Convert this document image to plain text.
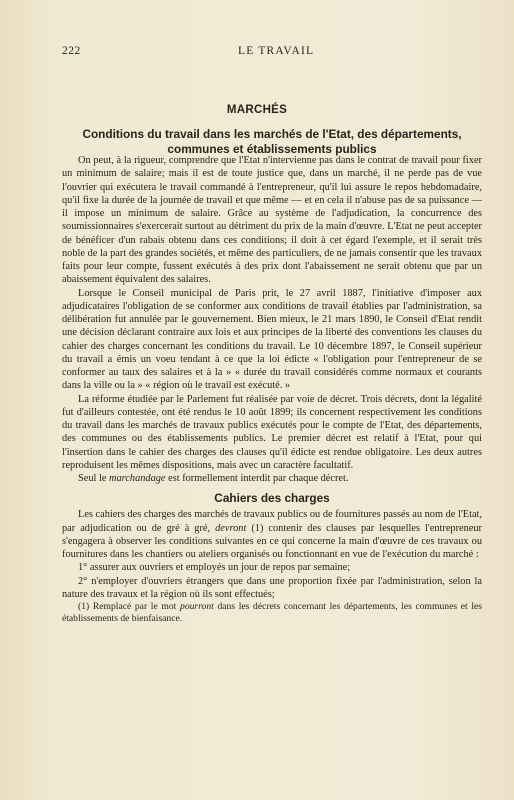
222	LE TRAVAIL
MARCHÉS
Conditions du travail dans les marchés de l'Etat, des départements, communes et établissements publics

On peut, à la rigueur, comprendre que l'Etat n'intervienne pas dans le contrat de travail pour fixer un minimum de salaire; mais il est de toute justice que, dans un marché, il ne perde pas de vue l'ouvrier qui exécutera le travail commandé à l'entrepreneur, qu'il lui assure le repos hebdomadaire, qu'il fixe la durée de la journée de travail et que même — et en cela il n'abuse pas de sa puissance — il impose un minimum de salaire. Grâce au système de l'adjudication, la concurrence des soumissionnaires s'exercerait surtout au détriment du prix de la main d'œuvre. L'Etat ne peut accepter de bénéficer d'un rabais obtenu dans ces conditions; il doit à cet égard l'exemple, et il serait très noble de la part des grandes sociétés, et même des particuliers, de ne jamais consentir que les travaux faits pour leur compte, fussent exécutés à des prix dont l'abaissement ne serait obtenu que par un abaissement équivalent des salaires.

Lorsque le Conseil municipal de Paris prit, le 27 avril 1887, l'initiative d'imposer aux adjudicataires l'obligation de se conformer aux conditions de travail établies par l'administration, sa délibération fut annulée par le gouvernement. Bien mieux, le 21 mars 1890, le Conseil d'Etat rendit une décision déclarant contraire aux lois et aux principes de la liberté des conventions les clauses du cahier des charges concernant les conditions du travail. Le 10 décembre 1897, le Conseil supérieur du travail a émis un voeu tendant à ce que la loi édicte « l'obligation pour l'entrepreneur de se conformer au taux des salaires et à la » « durée du travail considérés comme normaux et courants dans la ville ou la » « région où le travail est exécuté. »

La réforme étudiée par le Parlement fut réalisée par voie de décret. Trois décrets, dont la légalité fut d'ailleurs contestée, ont été rendus le 10 août 1899; ils concernent respectivement les conditions du travail dans les marchés de travaux publics exécutés pour le compte de l'Etat, des départements, des communes ou des établissements publics. Le premier décret est relatif à l'Etat, pour qui l'insertion dans le cahier des charges des clauses qu'il édicte est rendue obligatoire. Les deux autres reproduisent les mêmes dispositions, mais avec un caractère facultatif.

Seul le marchandage est formellement interdit par chaque décret.

Cahiers des charges

Les cahiers des charges des marchés de travaux publics ou de fournitures passés au nom de l'Etat, par adjudication ou de gré à gré, devront (1) contenir des clauses par lesquelles l'entrepreneur s'engagera à observer les conditions suivantes en ce qui concerne la main d'œuvre de ces travaux ou fournitures dans les chantiers ou ateliers organisés ou fonctionnant en vue de l'exécution du marché :

1° assurer aux ouvriers et employés un jour de repos par semaine;

2° n'employer d'ouvriers étrangers que dans une proportion fixée par l'administration, selon la nature des travaux et la région où ils sont effectués;

(1) Remplacé par le mot pourront dans les décrets concernant les départements, les communes et les établissements de bienfaisance.
